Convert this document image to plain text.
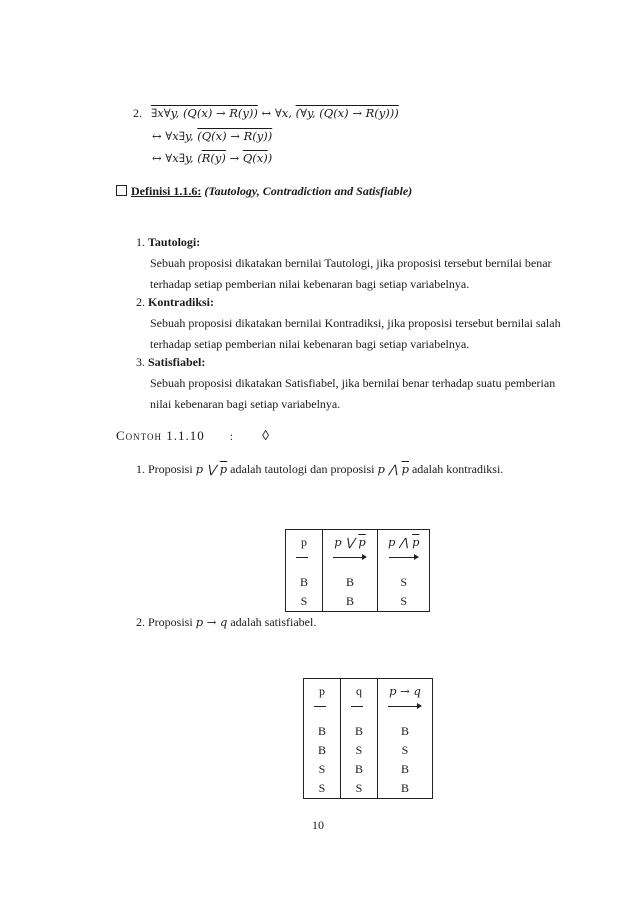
2. ∃x∀y, (Q(x) → R(y)) ↔ ∀x, (∀y, (Q(x) → R(y)))
↔ ∀x∃y, (Q(x) → R(y))
↔ ∀x∃y, (R(y) → Q(x))
Definisi 1.1.6: (Tautology, Contradiction and Satisfiable)
1. Tautologi:
Sebuah proposisi dikatakan bernilai Tautologi, jika proposisi tersebut bernilai benar
terhadap setiap pemberian nilai kebenaran bagi setiap variabelnya.
2. Kontradiksi:
Sebuah proposisi dikatakan bernilai Kontradiksi, jika proposisi tersebut bernilai salah
terhadap setiap pemberian nilai kebenaran bagi setiap variabelnya.
3. Satisfiabel:
Sebuah proposisi dikatakan Satisfiabel, jika bernilai benar terhadap suatu pemberian
nilai kebenaran bagi setiap variabelnya.
Contoh 1.1.10 : ◊
1. Proposisi p ⋁ $\overline{p}$ adalah tautologi dan proposisi p ⋀ $\overline{p}$ adalah kontradiksi.
p	p ⋁ $\overline{p}$	p ⋀ $\overline{p}$

B	B	S
S	B	S
2. Proposisi p → q adalah satisfiabel.
p	q	p → q

B	B	B
B	S	S
S	B	B
S	S	B
10
